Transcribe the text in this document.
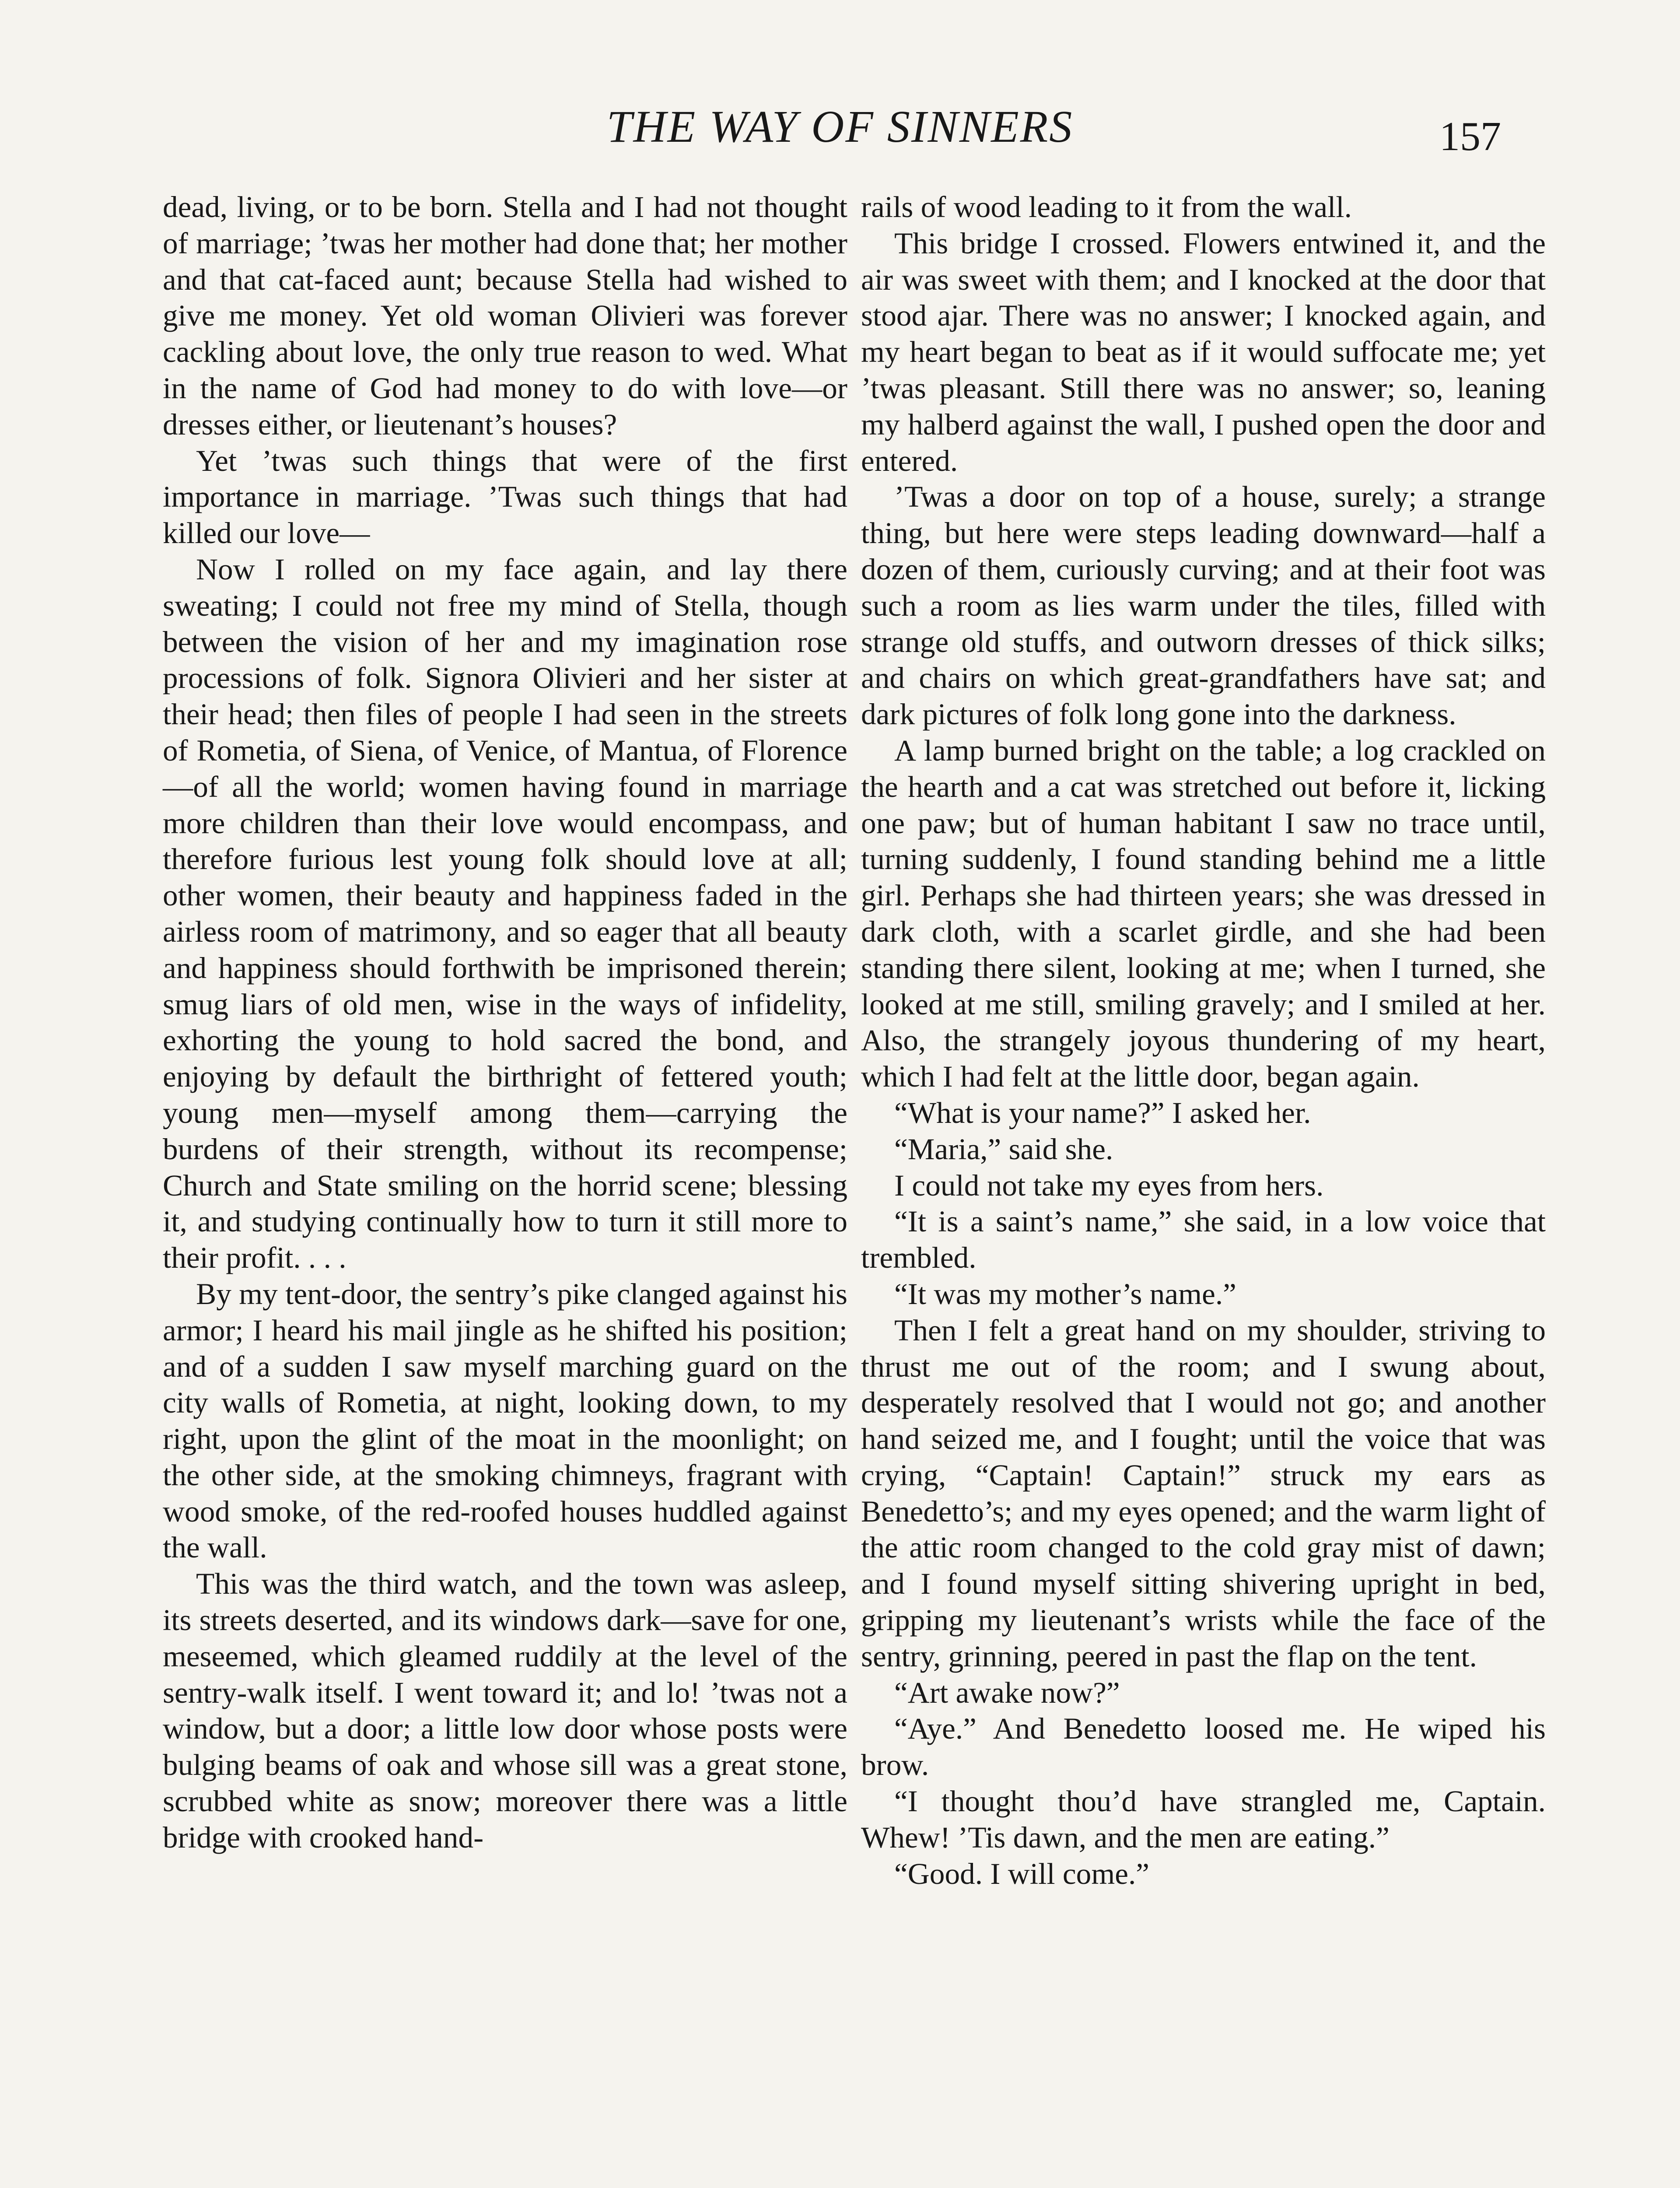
THE WAY OF SINNERS	157

dead, living, or to be born. Stella and I had not thought of marriage; ’twas her mother had done that; her mother and that cat-faced aunt; because Stella had wished to give me money. Yet old woman Olivieri was forever cackling about love, the only true reason to wed. What in the name of God had money to do with love—or dresses either, or lieutenant’s houses?

Yet ’twas such things that were of the first importance in marriage. ’Twas such things that had killed our love—

Now I rolled on my face again, and lay there sweating; I could not free my mind of Stella, though between the vision of her and my imagination rose processions of folk. Signora Olivieri and her sister at their head; then files of people I had seen in the streets of Rometia, of Siena, of Venice, of Mantua, of Florence—of all the world; women having found in marriage more children than their love would encompass, and therefore furious lest young folk should love at all; other women, their beauty and happiness faded in the airless room of matrimony, and so eager that all beauty and happiness should forthwith be imprisoned therein; smug liars of old men, wise in the ways of infidelity, exhorting the young to hold sacred the bond, and enjoying by default the birthright of fettered youth; young men—myself among them—carrying the burdens of their strength, without its recompense; Church and State smiling on the horrid scene; blessing it, and studying continually how to turn it still more to their profit. . . .

By my tent-door, the sentry’s pike clanged against his armor; I heard his mail jingle as he shifted his position; and of a sudden I saw myself marching guard on the city walls of Rometia, at night, looking down, to my right, upon the glint of the moat in the moonlight; on the other side, at the smoking chimneys, fragrant with wood smoke, of the red-roofed houses huddled against the wall.

This was the third watch, and the town was asleep, its streets deserted, and its windows dark—save for one, meseemed, which gleamed ruddily at the level of the sentry-walk itself. I went toward it; and lo! ’twas not a window, but a door; a little low door whose posts were bulging beams of oak and whose sill was a great stone, scrubbed white as snow; moreover there was a little bridge with crooked hand-

rails of wood leading to it from the wall.

This bridge I crossed. Flowers entwined it, and the air was sweet with them; and I knocked at the door that stood ajar. There was no answer; I knocked again, and my heart began to beat as if it would suffocate me; yet ’twas pleasant. Still there was no answer; so, leaning my halberd against the wall, I pushed open the door and entered.

’Twas a door on top of a house, surely; a strange thing, but here were steps leading downward—half a dozen of them, curiously curving; and at their foot was such a room as lies warm under the tiles, filled with strange old stuffs, and outworn dresses of thick silks; and chairs on which great-grandfathers have sat; and dark pictures of folk long gone into the darkness.

A lamp burned bright on the table; a log crackled on the hearth and a cat was stretched out before it, licking one paw; but of human habitant I saw no trace until, turning suddenly, I found standing behind me a little girl. Perhaps she had thirteen years; she was dressed in dark cloth, with a scarlet girdle, and she had been standing there silent, looking at me; when I turned, she looked at me still, smiling gravely; and I smiled at her. Also, the strangely joyous thundering of my heart, which I had felt at the little door, began again.

“What is your name?” I asked her.

“Maria,” said she.

I could not take my eyes from hers.

“It is a saint’s name,” she said, in a low voice that trembled.

“It was my mother’s name.”

Then I felt a great hand on my shoulder, striving to thrust me out of the room; and I swung about, desperately resolved that I would not go; and another hand seized me, and I fought; until the voice that was crying, “Captain! Captain!” struck my ears as Benedetto’s; and my eyes opened; and the warm light of the attic room changed to the cold gray mist of dawn; and I found myself sitting shivering upright in bed, gripping my lieutenant’s wrists while the face of the sentry, grinning, peered in past the flap on the tent.

“Art awake now?”

“Aye.” And Benedetto loosed me. He wiped his brow.

“I thought thou’d have strangled me, Captain. Whew! ’Tis dawn, and the men are eating.”

“Good. I will come.”
